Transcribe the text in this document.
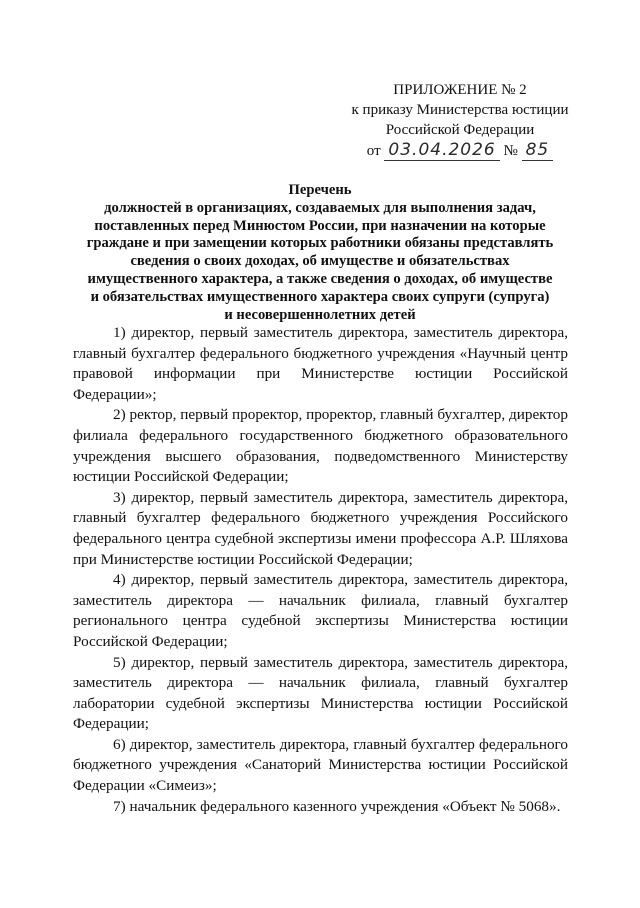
ПРИЛОЖЕНИЕ № 2
к приказу Министерства юстиции
Российской Федерации
от 03.04.2026 № 85
Перечень
должностей в организациях, создаваемых для выполнения задач,
поставленных перед Минюстом России, при назначении на которые
граждане и при замещении которых работники обязаны представлять
сведения о своих доходах, об имуществе и обязательствах
имущественного характера, а также сведения о доходах, об имуществе
и обязательствах имущественного характера своих супруги (супруга)
и несовершеннолетних детей

1) директор, первый заместитель директора, заместитель директора, главный бухгалтер федерального бюджетного учреждения «Научный центр правовой информации при Министерстве юстиции Российской Федерации»;

2) ректор, первый проректор, проректор, главный бухгалтер, директор филиала федерального государственного бюджетного образовательного учреждения высшего образования, подведомственного Министерству юстиции Российской Федерации;

3) директор, первый заместитель директора, заместитель директора, главный бухгалтер федерального бюджетного учреждения Российского федерального центра судебной экспертизы имени профессора А.Р. Шляхова при Министерстве юстиции Российской Федерации;

4) директор, первый заместитель директора, заместитель директора, заместитель директора — начальник филиала, главный бухгалтер регионального центра судебной экспертизы Министерства юстиции Российской Федерации;

5) директор, первый заместитель директора, заместитель директора, заместитель директора — начальник филиала, главный бухгалтер лаборатории судебной экспертизы Министерства юстиции Российской Федерации;

6) директор, заместитель директора, главный бухгалтер федерального бюджетного учреждения «Санаторий Министерства юстиции Российской Федерации «Симеиз»;

7) начальник федерального казенного учреждения «Объект № 5068».
